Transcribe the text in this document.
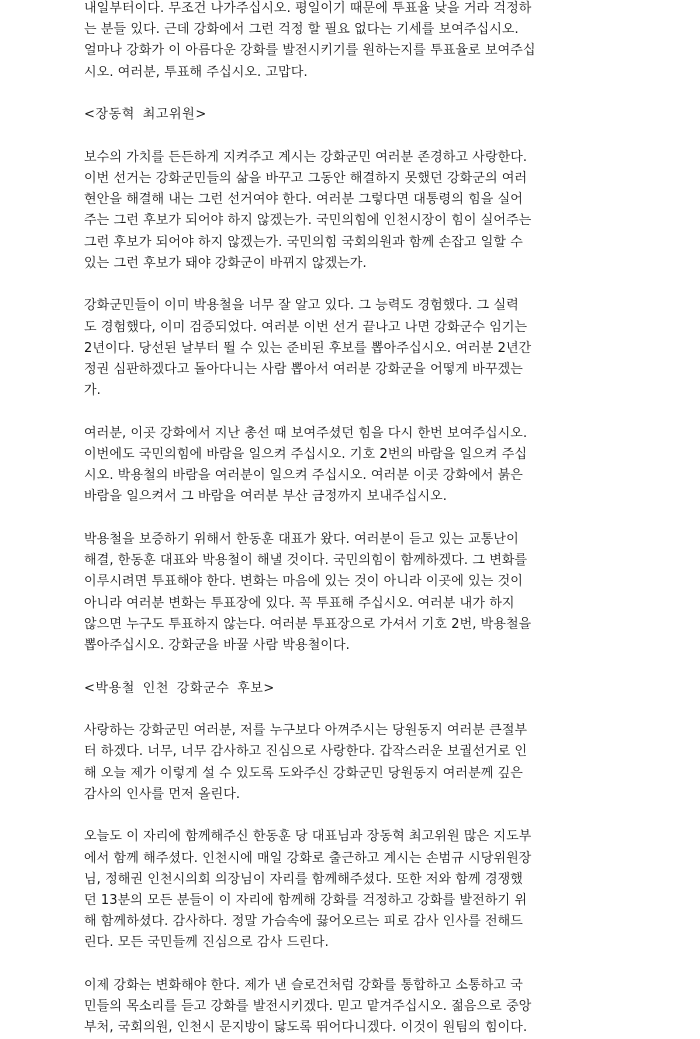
내일부터이다. 무조건 나가주십시오. 평일이기 때문에 투표율 낮을 거라 걱정하
는 분들 있다. 근데 강화에서 그런 걱정 할 필요 없다는 기세를 보여주십시오.
얼마나 강화가 이 아름다운 강화를 발전시키기를 원하는지를 투표율로 보여주십
시오. 여러분, 투표해 주십시오. 고맙다.

<장동혁 최고위원>

보수의 가치를 든든하게 지켜주고 계시는 강화군민 여러분 존경하고 사랑한다.
이번 선거는 강화군민들의 삶을 바꾸고 그동안 해결하지 못했던 강화군의 여러
현안을 해결해 내는 그런 선거여야 한다. 여러분 그렇다면 대통령의 힘을 실어
주는 그런 후보가 되어야 하지 않겠는가. 국민의힘에 인천시장이 힘이 실어주는
그런 후보가 되어야 하지 않겠는가. 국민의힘 국회의원과 함께 손잡고 일할 수
있는 그런 후보가 돼야 강화군이 바뀌지 않겠는가.

강화군민들이 이미 박용철을 너무 잘 알고 있다. 그 능력도 경험했다. 그 실력
도 경험했다, 이미 검증되었다. 여러분 이번 선거 끝나고 나면 강화군수 임기는
2년이다. 당선된 날부터 뛸 수 있는 준비된 후보를 뽑아주십시오. 여러분 2년간
정권 심판하겠다고 돌아다니는 사람 뽑아서 여러분 강화군을 어떻게 바꾸겠는
가.

여러분, 이곳 강화에서 지난 총선 때 보여주셨던 힘을 다시 한번 보여주십시오.
이번에도 국민의힘에 바람을 일으켜 주십시오. 기호 2번의 바람을 일으켜 주십
시오. 박용철의 바람을 여러분이 일으켜 주십시오. 여러분 이곳 강화에서 붉은
바람을 일으켜서 그 바람을 여러분 부산 금정까지 보내주십시오.

박용철을 보증하기 위해서 한동훈 대표가 왔다. 여러분이 듣고 있는 교통난이
해결, 한동훈 대표와 박용철이 해낼 것이다. 국민의힘이 함께하겠다. 그 변화를
이루시려면 투표해야 한다. 변화는 마음에 있는 것이 아니라 이곳에 있는 것이
아니라 여러분 변화는 투표장에 있다. 꼭 투표해 주십시오. 여러분 내가 하지
않으면 누구도 투표하지 않는다. 여러분 투표장으로 가셔서 기호 2번, 박용철을
뽑아주십시오. 강화군을 바꿀 사람 박용철이다.

<박용철 인천 강화군수 후보>

사랑하는 강화군민 여러분, 저를 누구보다 아껴주시는 당원동지 여러분 큰절부
터 하겠다. 너무, 너무 감사하고 진심으로 사랑한다. 갑작스러운 보궐선거로 인
해 오늘 제가 이렇게 설 수 있도록 도와주신 강화군민 당원동지 여러분께 깊은
감사의 인사를 먼저 올린다.

오늘도 이 자리에 함께해주신 한동훈 당 대표님과 장동혁 최고위원 많은 지도부
에서 함께 해주셨다. 인천시에 매일 강화로 출근하고 계시는 손범규 시당위원장
님, 정해권 인천시의회 의장님이 자리를 함께해주셨다. 또한 저와 함께 경쟁했
던 13분의 모든 분들이 이 자리에 함께해 강화를 걱정하고 강화를 발전하기 위
해 함께하셨다. 감사하다. 정말 가슴속에 끓어오르는 피로 감사 인사를 전해드
린다. 모든 국민들께 진심으로 감사 드린다.

이제 강화는 변화해야 한다. 제가 낸 슬로건처럼 강화를 통합하고 소통하고 국
민들의 목소리를 듣고 강화를 발전시키겠다. 믿고 맡겨주십시오. 젊음으로 중앙
부처, 국회의원, 인천시 문지방이 닳도록 뛰어다니겠다. 이것이 원팀의 힘이다.
